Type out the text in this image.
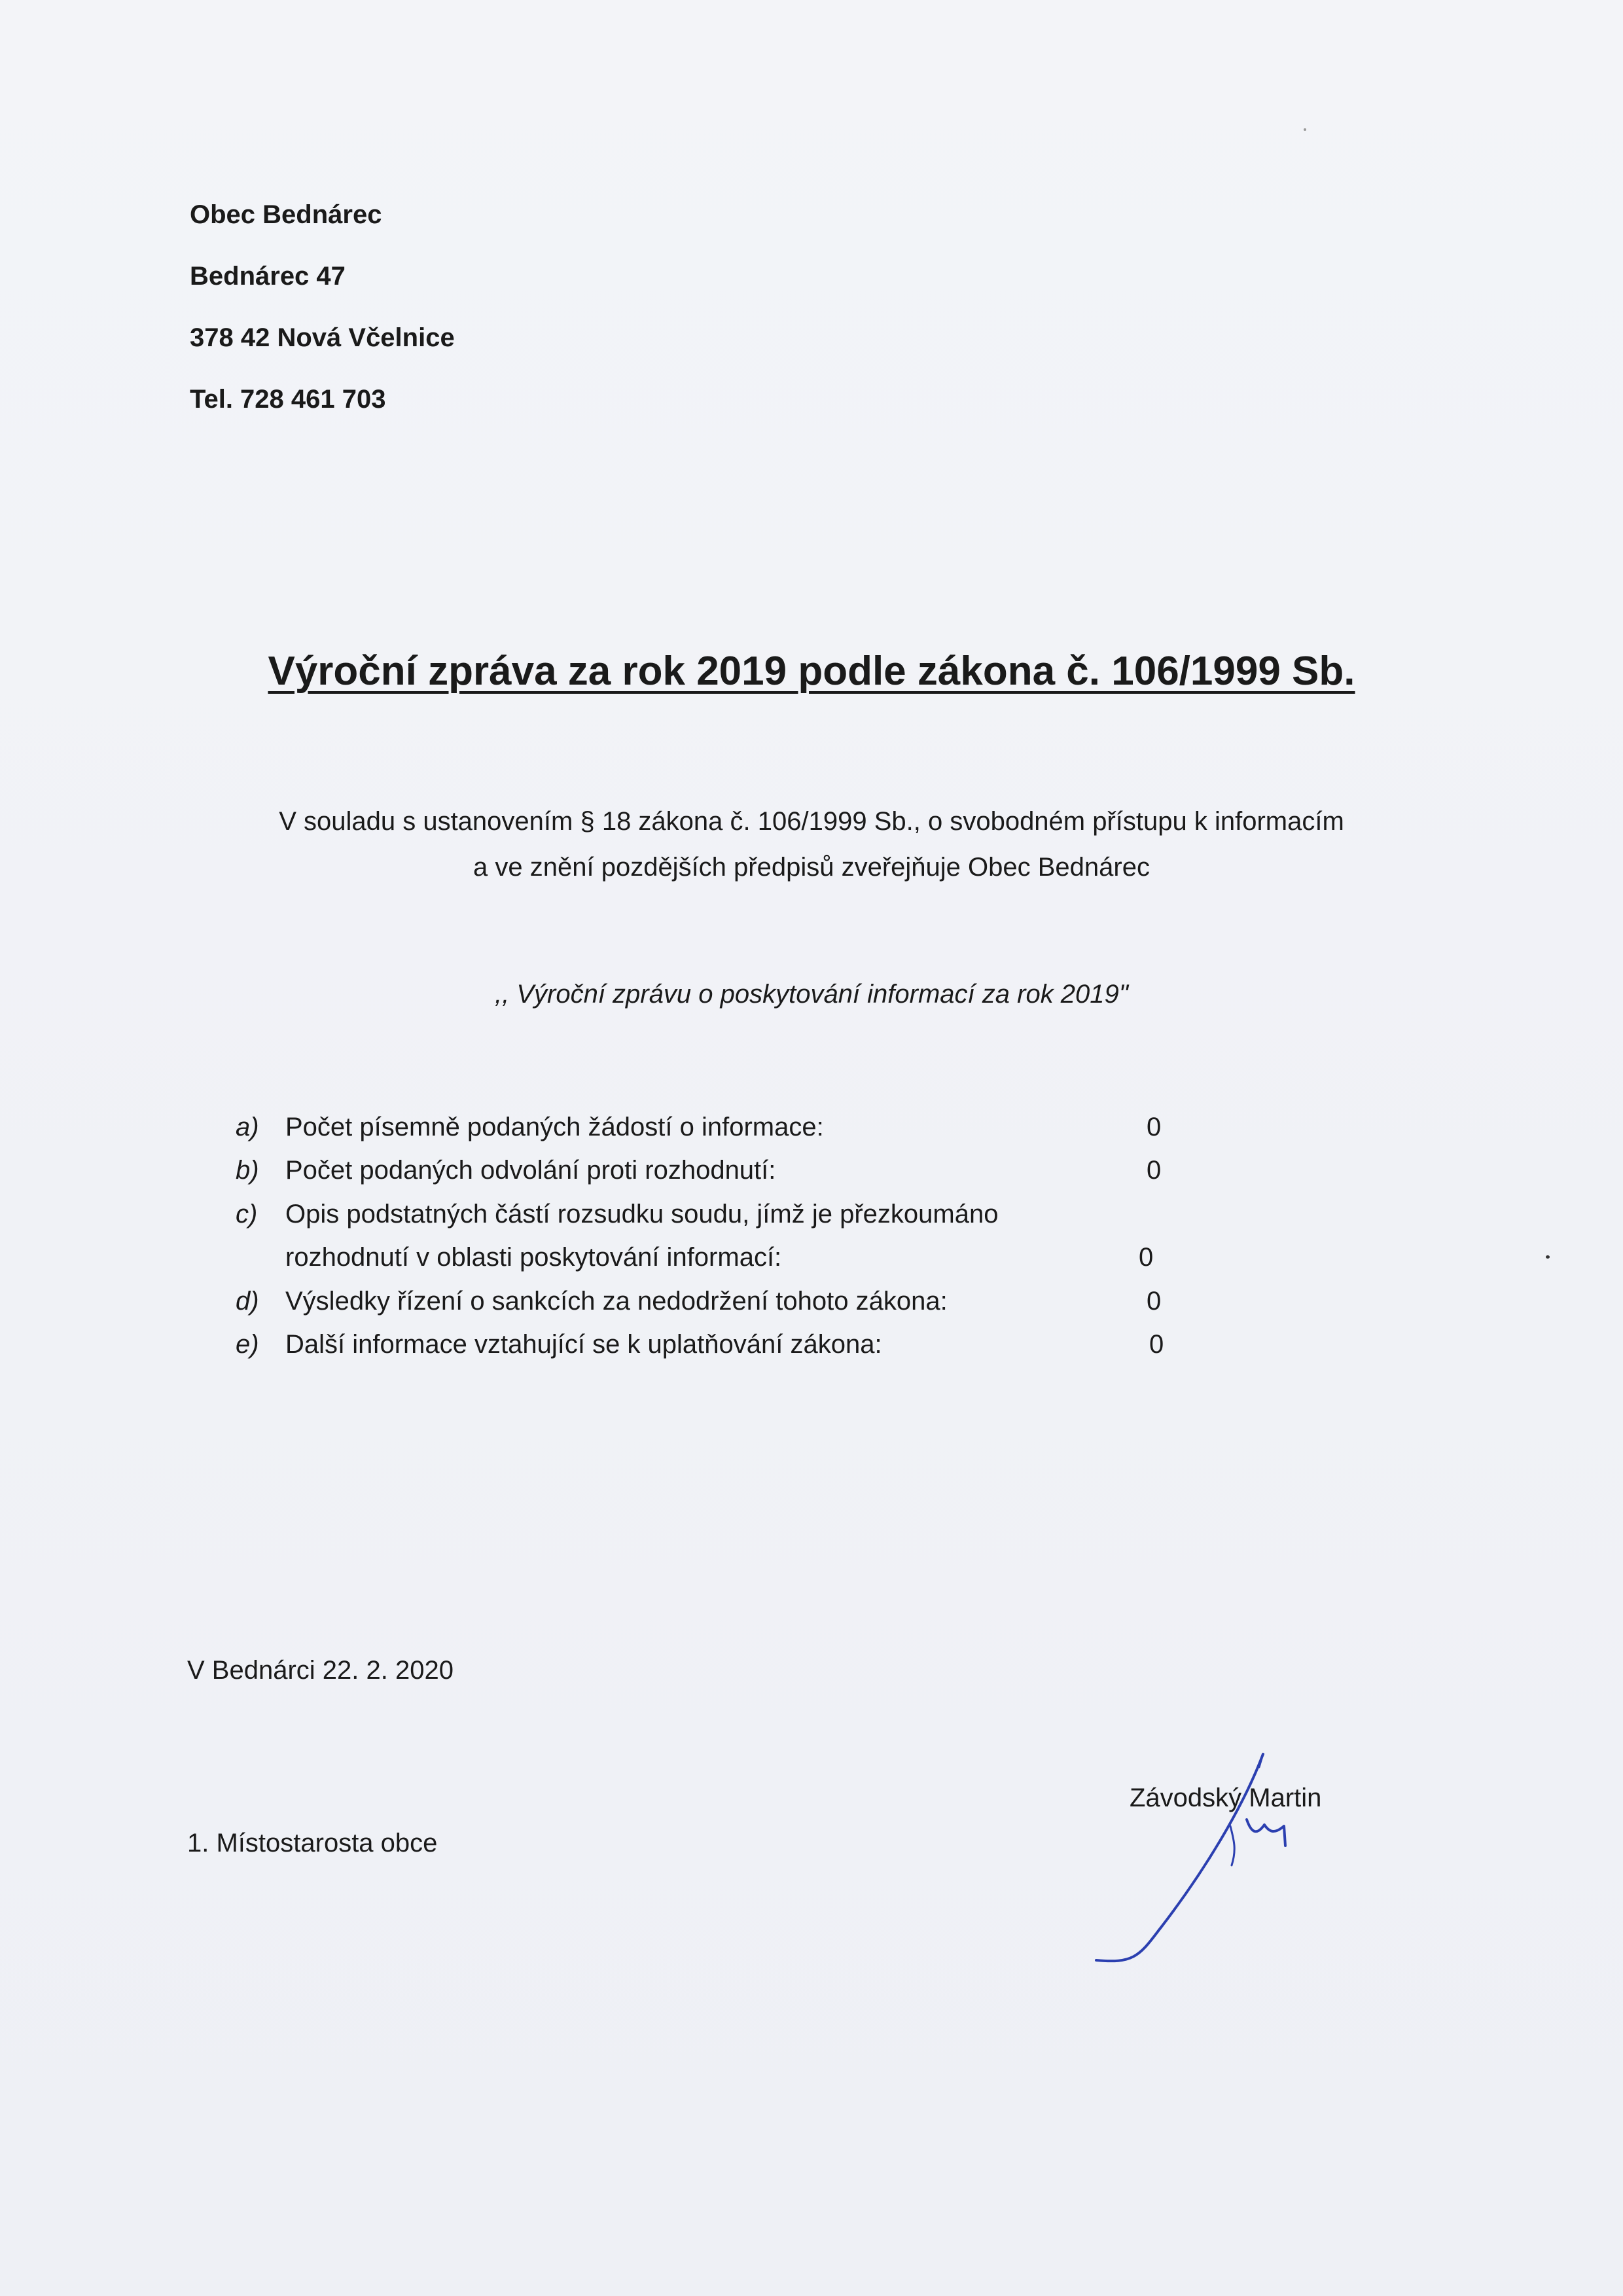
Obec Bednárec
Bednárec 47
378 42 Nová Včelnice
Tel. 728 461 703
Výroční zpráva za rok 2019 podle zákona č. 106/1999 Sb.
V souladu s ustanovením § 18 zákona č. 106/1999 Sb., o svobodném přístupu k informacím
a ve znění pozdějších předpisů zveřejňuje Obec Bednárec
,, Výroční zprávu o poskytování informací za rok 2019"
a) Počet písemně podaných žádostí o informace:	0
b) Počet podaných odvolání proti rozhodnutí:	0
c) Opis podstatných částí rozsudku soudu, jímž je přezkoumáno
rozhodnutí v oblasti poskytování informací:	0
d) Výsledky řízení o sankcích za nedodržení tohoto zákona:	0
e) Další informace vztahující se k uplatňování zákona:	0
V Bednárci 22. 2. 2020
Závodský Martin
1. Místostarosta obce
